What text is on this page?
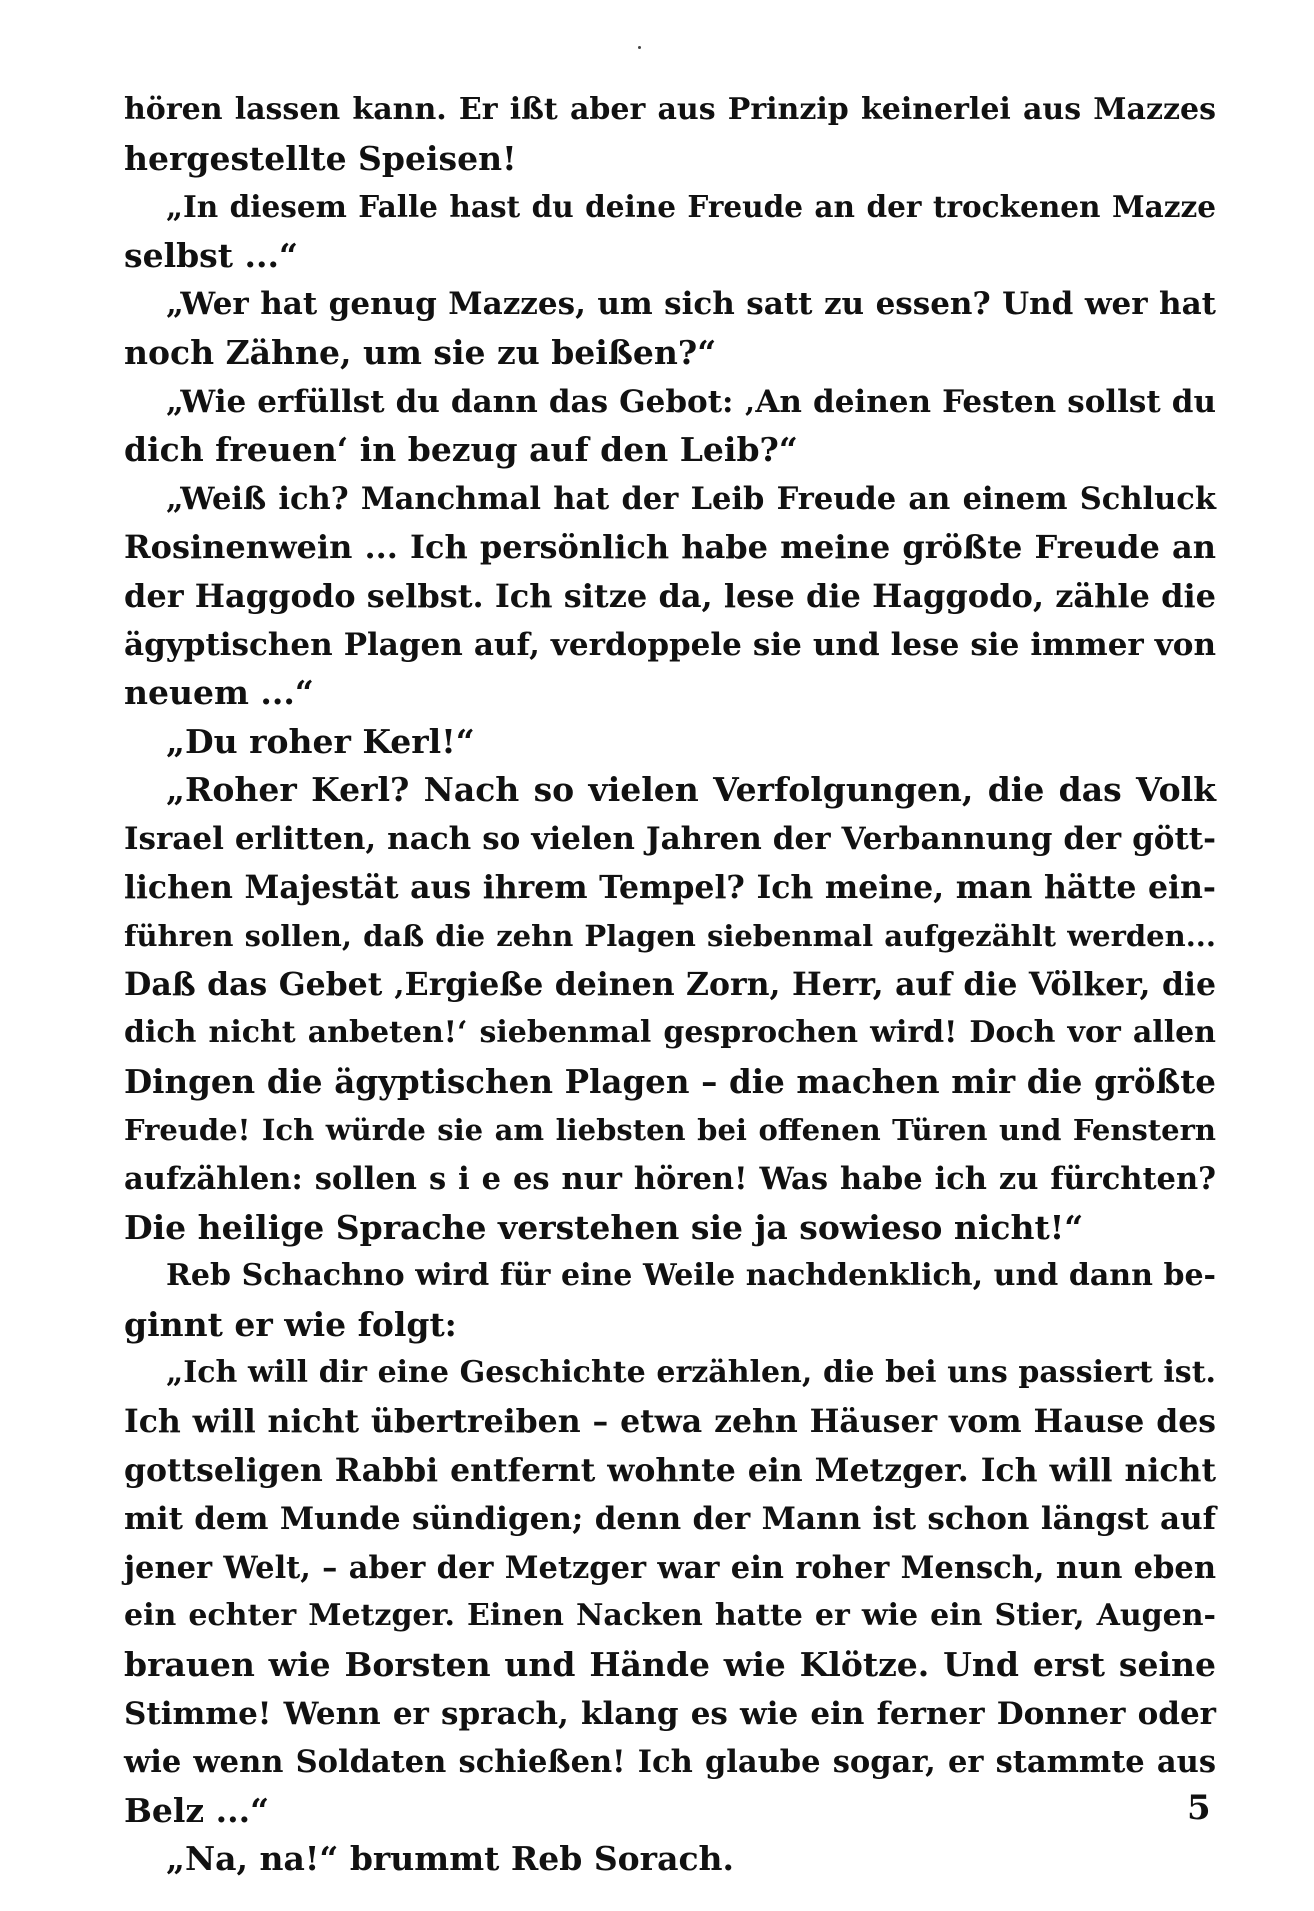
hören lassen kann. Er ißt aber aus Prinzip keinerlei aus Mazzes
hergestellte Speisen!
„In diesem Falle hast du deine Freude an der trockenen Mazze
selbst ...“
„Wer hat genug Mazzes, um sich satt zu essen? Und wer hat
noch Zähne, um sie zu beißen?“
„Wie erfüllst du dann das Gebot: ‚An deinen Festen sollst du
dich freuen‘ in bezug auf den Leib?“
„Weiß ich? Manchmal hat der Leib Freude an einem Schluck
Rosinenwein ... Ich persönlich habe meine größte Freude an
der Haggodo selbst. Ich sitze da, lese die Haggodo, zähle die
ägyptischen Plagen auf, verdoppele sie und lese sie immer von
neuem ...“
„Du roher Kerl!“
„Roher Kerl? Nach so vielen Verfolgungen, die das Volk
Israel erlitten, nach so vielen Jahren der Verbannung der gött-
lichen Majestät aus ihrem Tempel? Ich meine, man hätte ein-
führen sollen, daß die zehn Plagen siebenmal aufgezählt werden...
Daß das Gebet ‚Ergieße deinen Zorn, Herr, auf die Völker, die
dich nicht anbeten!‘ siebenmal gesprochen wird! Doch vor allen
Dingen die ägyptischen Plagen – die machen mir die größte
Freude! Ich würde sie am liebsten bei offenen Türen und Fenstern
aufzählen: sollen s i e es nur hören! Was habe ich zu fürchten?
Die heilige Sprache verstehen sie ja sowieso nicht!“
Reb Schachno wird für eine Weile nachdenklich, und dann be-
ginnt er wie folgt:
„Ich will dir eine Geschichte erzählen, die bei uns passiert ist.
Ich will nicht übertreiben – etwa zehn Häuser vom Hause des
gottseligen Rabbi entfernt wohnte ein Metzger. Ich will nicht
mit dem Munde sündigen; denn der Mann ist schon längst auf
jener Welt, – aber der Metzger war ein roher Mensch, nun eben
ein echter Metzger. Einen Nacken hatte er wie ein Stier, Augen-
brauen wie Borsten und Hände wie Klötze. Und erst seine
Stimme! Wenn er sprach, klang es wie ein ferner Donner oder
wie wenn Soldaten schießen! Ich glaube sogar, er stammte aus
Belz ...“
„Na, na!“ brummt Reb Sorach.
5
